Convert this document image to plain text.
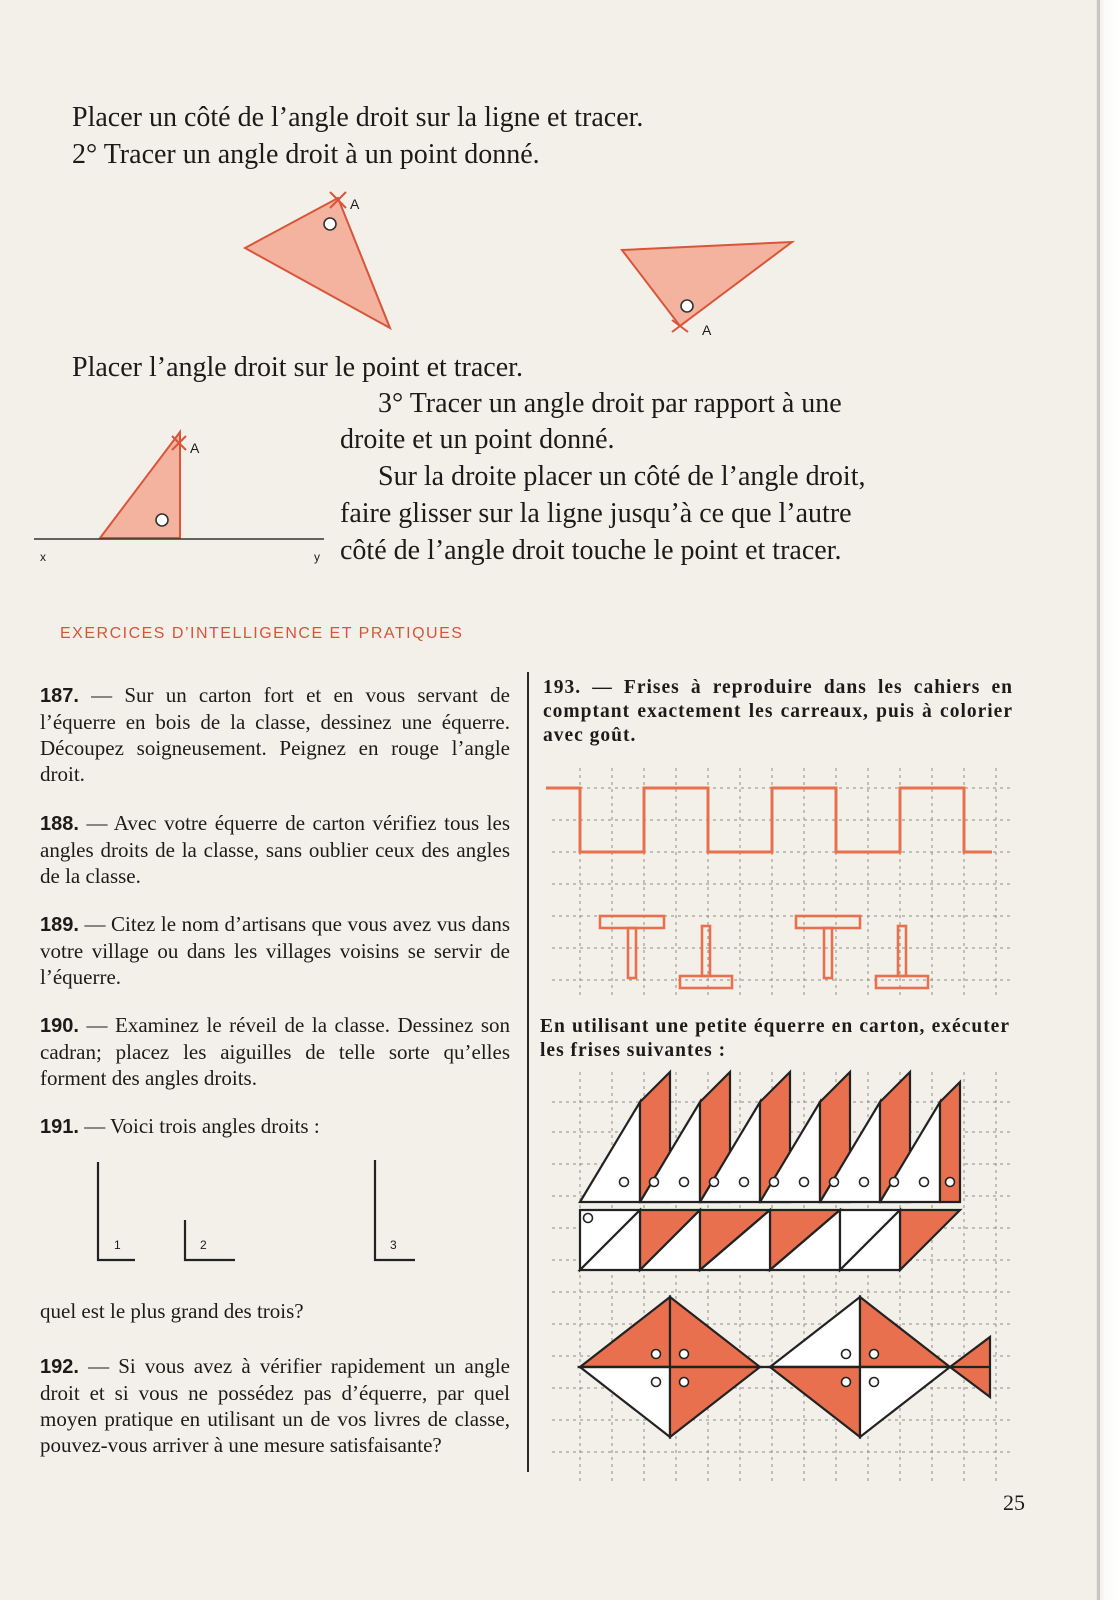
Placer un côté de l’angle droit sur la ligne et tracer.
2° Tracer un angle droit à un point donné.
A
A
Placer l’angle droit sur le point et tracer.
3° Tracer un angle droit par rapport à une
A
x	y
droite et un point donné.
Sur la droite placer un côté de l’angle droit,
faire glisser sur la ligne jusqu’à ce que l’autre
côté de l’angle droit touche le point et tracer.
EXERCICES D’INTELLIGENCE ET PRATIQUES
187. — Sur un carton fort et en vous servant de l’équerre en bois de la classe, dessinez une équerre. Découpez soigneusement. Peignez en rouge l’angle droit.
188. — Avec votre équerre de carton vérifiez tous les angles droits de la classe, sans oublier ceux des angles de la classe.
189. — Citez le nom d’artisans que vous avez vus dans votre village ou dans les villages voisins se servir de l’équerre.
190. — Examinez le réveil de la classe. Dessinez son cadran; placez les aiguilles de telle sorte qu’elles forment des angles droits.
191. — Voici trois angles droits :
1	2	3
quel est le plus grand des trois?
192. — Si vous avez à vérifier rapidement un angle droit et si vous ne possédez pas d’équerre, par quel moyen pratique en utilisant un de vos livres de classe, pouvez-vous arriver à une mesure satisfaisante?
193. — Frises à reproduire dans les cahiers en comptant exactement les carreaux, puis à colorier avec goût.
En utilisant une petite équerre en carton, exécuter les frises suivantes :
25
